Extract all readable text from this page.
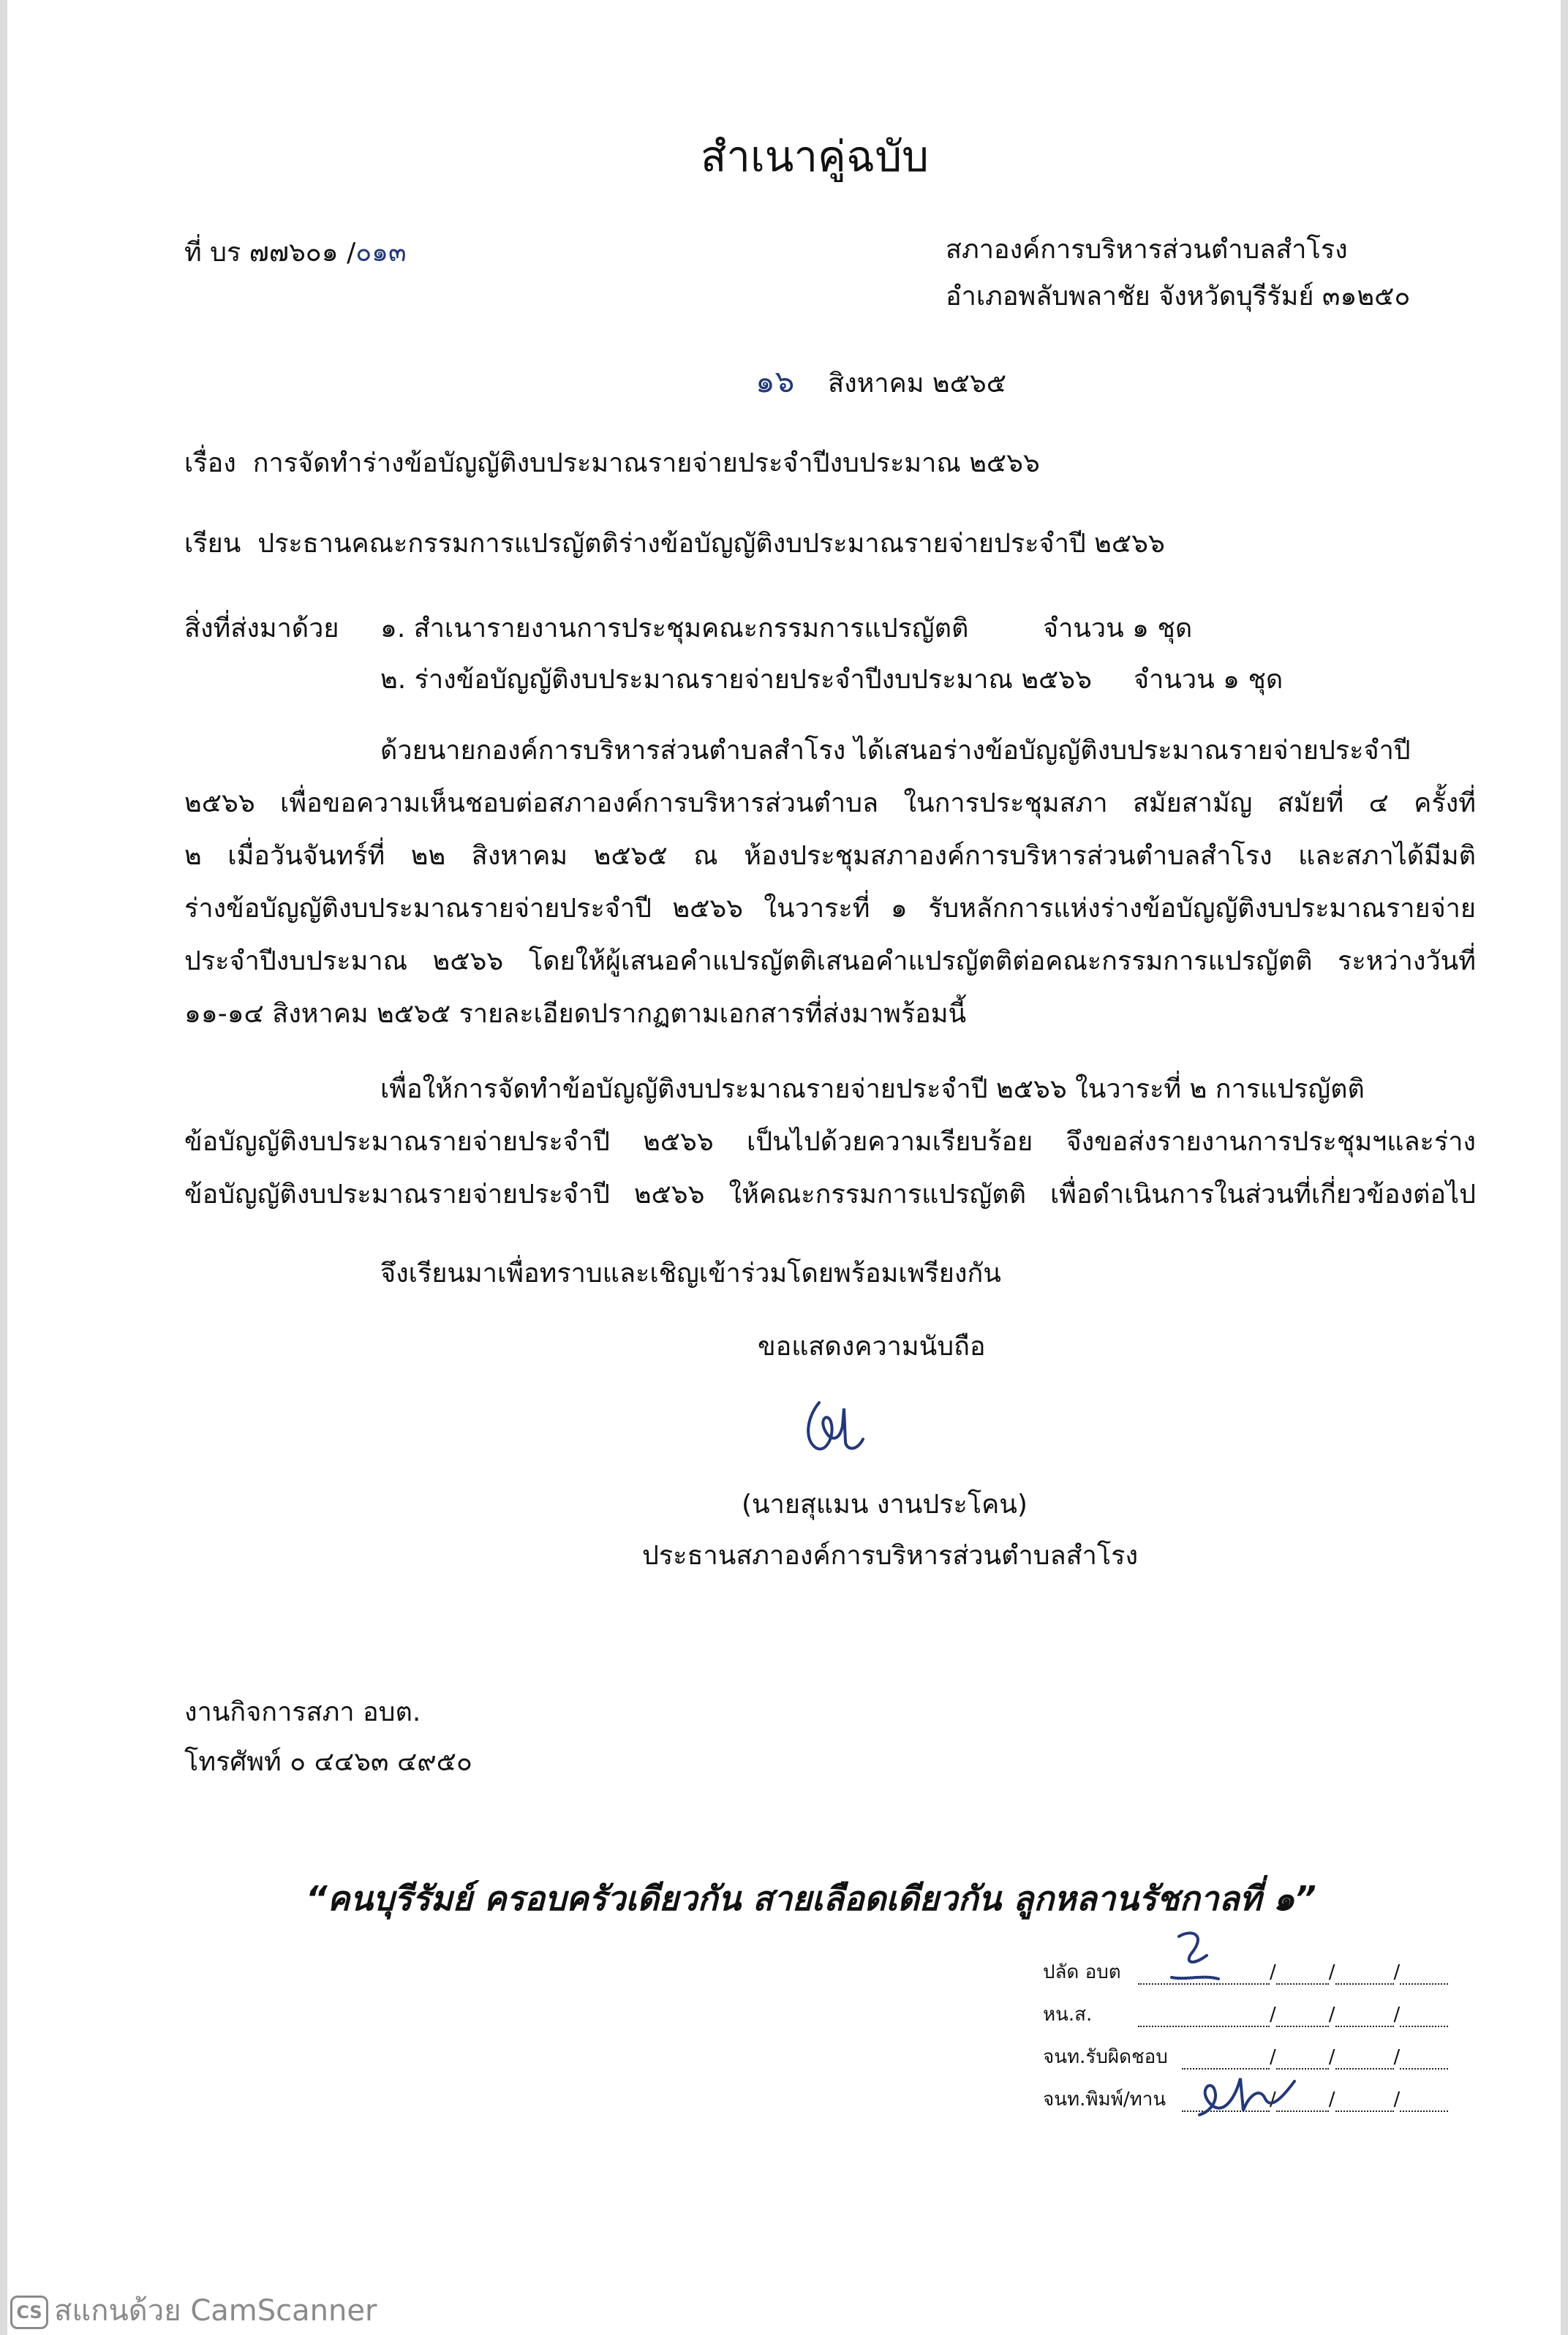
สำเนาคู่ฉบับ
ที่ บร ๗๗๖๐๑ /๐๑๓	สภาองค์การบริหารส่วนตำบลสำโรง
อำเภอพลับพลาชัย จังหวัดบุรีรัมย์ ๓๑๒๕๐
๑๖ สิงหาคม ๒๕๖๕
เรื่อง การจัดทำร่างข้อบัญญัติงบประมาณรายจ่ายประจำปีงบประมาณ ๒๕๖๖
เรียน ประธานคณะกรรมการแปรญัตติร่างข้อบัญญัติงบประมาณรายจ่ายประจำปี ๒๕๖๖
สิ่งที่ส่งมาด้วย ๑. สำเนารายงานการประชุมคณะกรรมการแปรญัตติ	จำนวน ๑ ชุด
๒. ร่างข้อบัญญัติงบประมาณรายจ่ายประจำปีงบประมาณ ๒๕๖๖ จำนวน ๑ ชุด
ด้วยนายกองค์การบริหารส่วนตำบลสำโรง ได้เสนอร่างข้อบัญญัติงบประมาณรายจ่ายประจำปี
๒๕๖๖ เพื่อขอความเห็นชอบต่อสภาองค์การบริหารส่วนตำบล ในการประชุมสภา สมัยสามัญ สมัยที่ ๔ ครั้งที่
๒ เมื่อวันจันทร์ที่ ๒๒ สิงหาคม ๒๕๖๕ ณ ห้องประชุมสภาองค์การบริหารส่วนตำบลสำโรง และสภาได้มีมติ
ร่างข้อบัญญัติงบประมาณรายจ่ายประจำปี ๒๕๖๖ ในวาระที่ ๑ รับหลักการแห่งร่างข้อบัญญัติงบประมาณรายจ่าย
ประจำปีงบประมาณ ๒๕๖๖ โดยให้ผู้เสนอคำแปรญัตติเสนอคำแปรญัตติต่อคณะกรรมการแปรญัตติ ระหว่างวันที่
๑๑-๑๔ สิงหาคม ๒๕๖๕ รายละเอียดปรากฏตามเอกสารที่ส่งมาพร้อมนี้
เพื่อให้การจัดทำข้อบัญญัติงบประมาณรายจ่ายประจำปี ๒๕๖๖ ในวาระที่ ๒ การแปรญัตติ
ข้อบัญญัติงบประมาณรายจ่ายประจำปี ๒๕๖๖ เป็นไปด้วยความเรียบร้อย จึงขอส่งรายงานการประชุมฯและร่าง
ข้อบัญญัติงบประมาณรายจ่ายประจำปี ๒๕๖๖ ให้คณะกรรมการแปรญัตติ เพื่อดำเนินการในส่วนที่เกี่ยวข้องต่อไป
จึงเรียนมาเพื่อทราบและเชิญเข้าร่วมโดยพร้อมเพรียงกัน
ขอแสดงความนับถือ
(นายสุแมน งานประโคน)
ประธานสภาองค์การบริหารส่วนตำบลสำโรง
งานกิจการสภา อบต.
โทรศัพท์ ๐ ๔๔๖๓ ๔๙๕๐
“คนบุรีรัมย์ ครอบครัวเดียวกัน สายเลือดเดียวกัน ลูกหลานรัชกาลที่ ๑”
ปลัด อบต	/	/	/
หน.ส.	/	/	/
จนท.รับผิดชอบ	/	/	/
จนท.พิมพ์/ทาน	/	/	/
CS สแกนด้วย CamScanner
